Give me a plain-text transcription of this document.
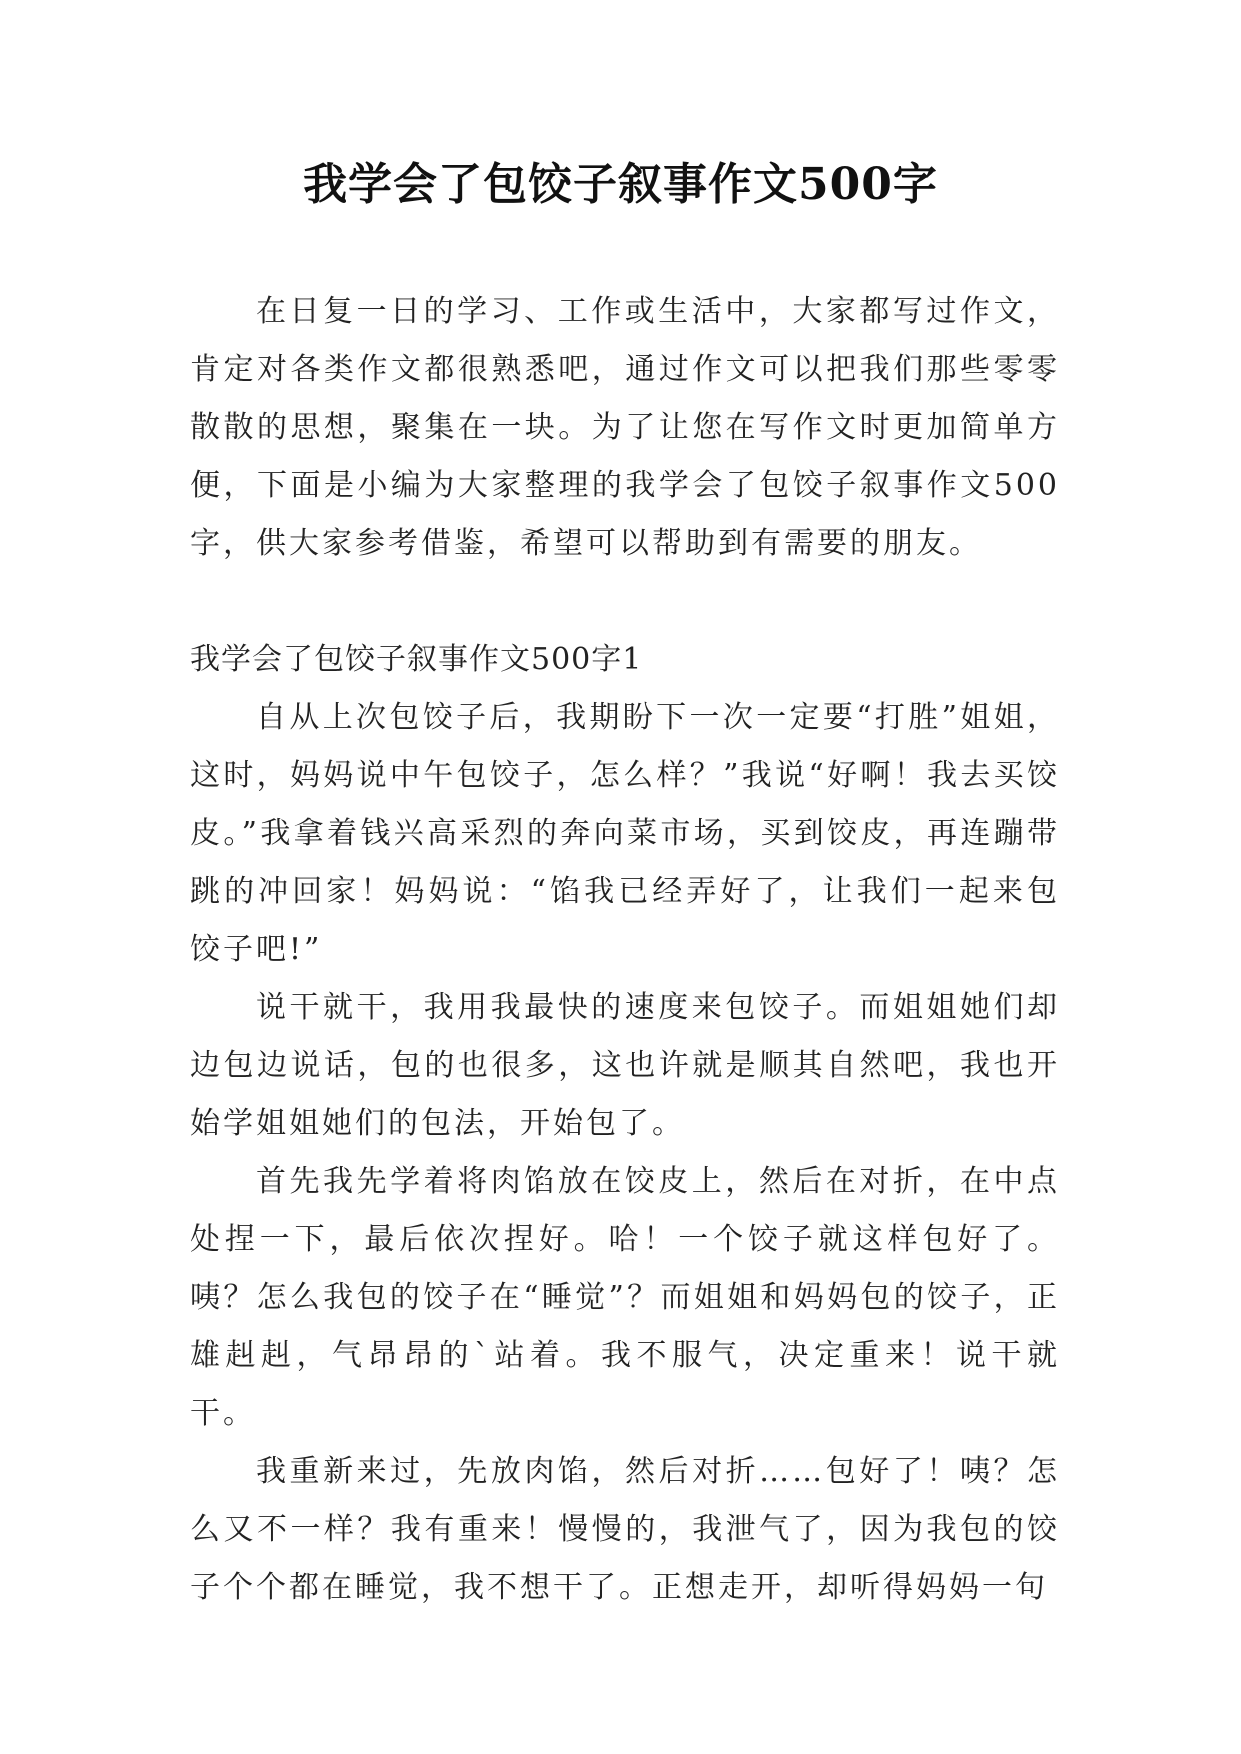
我学会了包饺子叙事作文500字

在日复一日的学习、工作或生活中，大家都写过作文，肯定对各类作文都很熟悉吧，通过作文可以把我们那些零零散散的思想，聚集在一块。为了让您在写作文时更加简单方便，下面是小编为大家整理的我学会了包饺子叙事作文500字，供大家参考借鉴，希望可以帮助到有需要的朋友。

我学会了包饺子叙事作文500字1

自从上次包饺子后，我期盼下一次一定要“打胜”姐姐，这时，妈妈说中午包饺子，怎么样？”我说“好啊！我去买饺皮。”我拿着钱兴高采烈的奔向菜市场，买到饺皮，再连蹦带跳的冲回家！妈妈说：“馅我已经弄好了，让我们一起来包饺子吧!”

说干就干，我用我最快的速度来包饺子。而姐姐她们却边包边说话，包的也很多，这也许就是顺其自然吧，我也开始学姐姐她们的包法，开始包了。

首先我先学着将肉馅放在饺皮上，然后在对折，在中点处捏一下，最后依次捏好。哈！一个饺子就这样包好了。咦？怎么我包的饺子在“睡觉”？而姐姐和妈妈包的饺子，正雄赳赳，气昂昂的`站着。我不服气，决定重来！说干就干。

我重新来过，先放肉馅，然后对折……包好了！咦？怎么又不一样？我有重来！慢慢的，我泄气了，因为我包的饺子个个都在睡觉，我不想干了。正想走开，却听得妈妈一句
